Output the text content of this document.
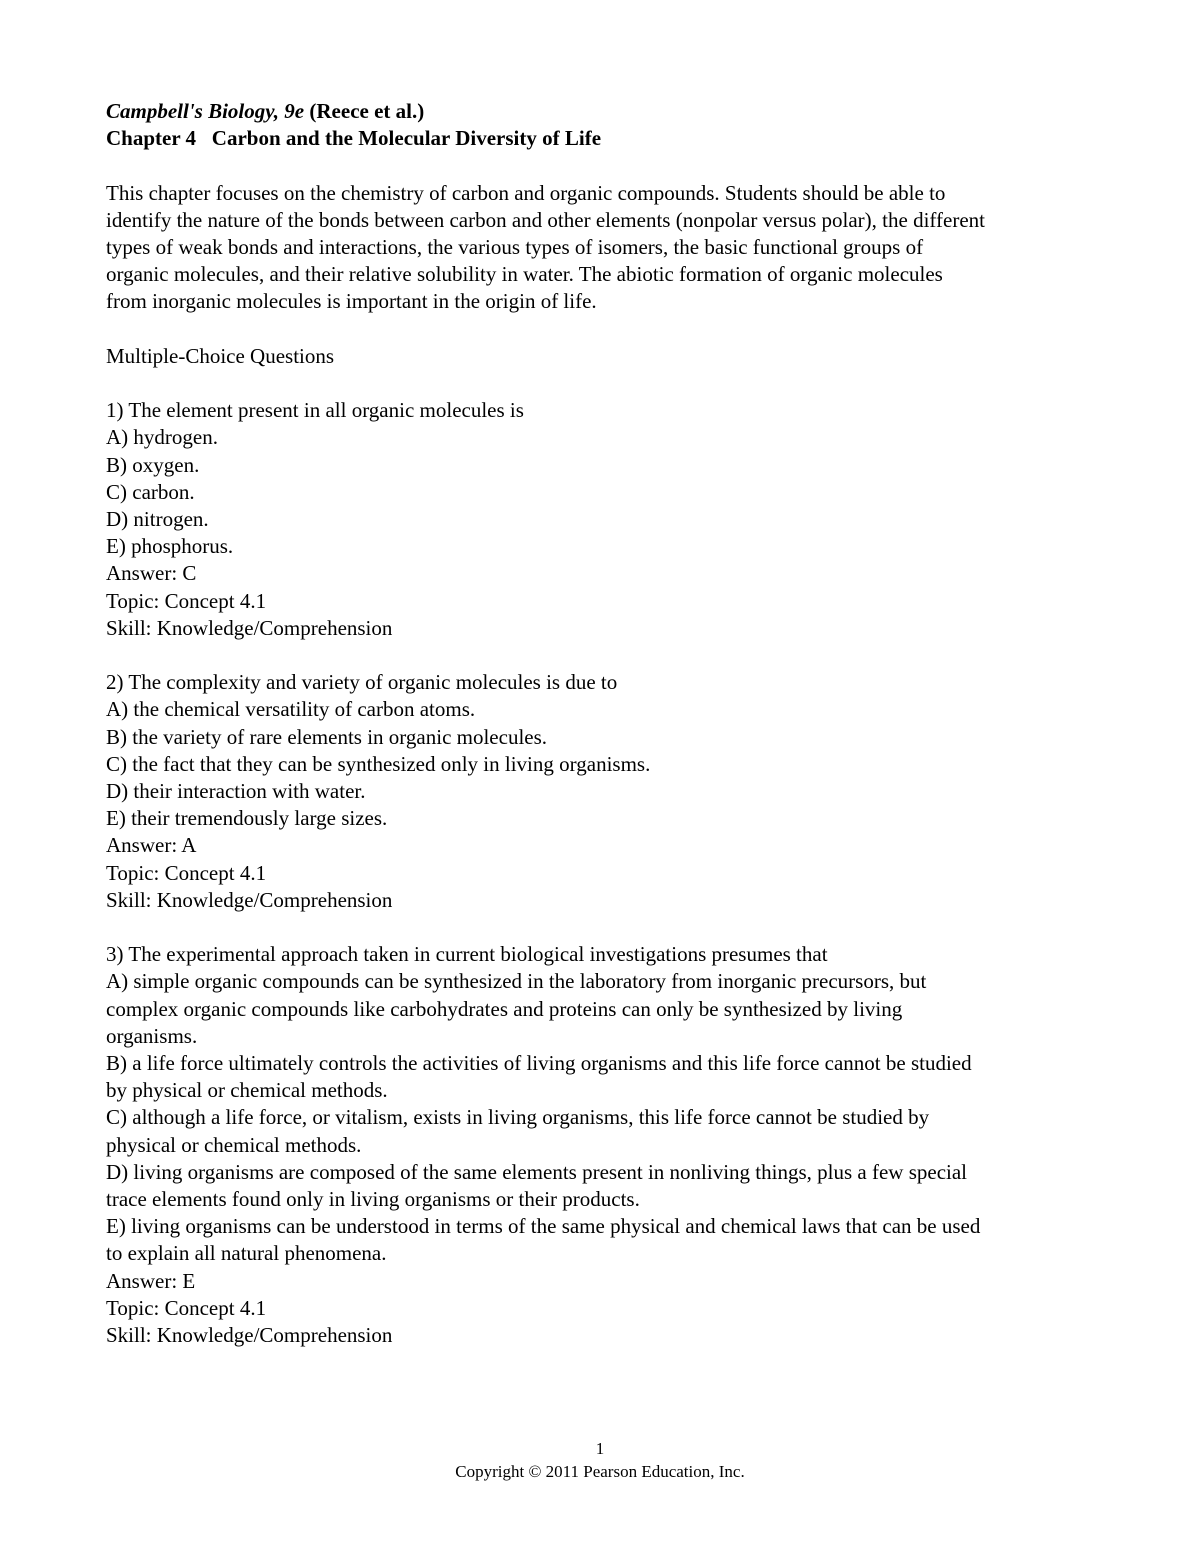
Campbell's Biology, 9e (Reece et al.)
Chapter 4   Carbon and the Molecular Diversity of Life
This chapter focuses on the chemistry of carbon and organic compounds. Students should be able to
identify the nature of the bonds between carbon and other elements (nonpolar versus polar), the different
types of weak bonds and interactions, the various types of isomers, the basic functional groups of
organic molecules, and their relative solubility in water. The abiotic formation of organic molecules
from inorganic molecules is important in the origin of life.
Multiple-Choice Questions
1) The element present in all organic molecules is
A) hydrogen.
B) oxygen.
C) carbon.
D) nitrogen.
E) phosphorus.
Answer: C
Topic: Concept 4.1
Skill: Knowledge/Comprehension
2) The complexity and variety of organic molecules is due to
A) the chemical versatility of carbon atoms.
B) the variety of rare elements in organic molecules.
C) the fact that they can be synthesized only in living organisms.
D) their interaction with water.
E) their tremendously large sizes.
Answer: A
Topic: Concept 4.1
Skill: Knowledge/Comprehension
3) The experimental approach taken in current biological investigations presumes that
A) simple organic compounds can be synthesized in the laboratory from inorganic precursors, but
complex organic compounds like carbohydrates and proteins can only be synthesized by living
organisms.
B) a life force ultimately controls the activities of living organisms and this life force cannot be studied
by physical or chemical methods.
C) although a life force, or vitalism, exists in living organisms, this life force cannot be studied by
physical or chemical methods.
D) living organisms are composed of the same elements present in nonliving things, plus a few special
trace elements found only in living organisms or their products.
E) living organisms can be understood in terms of the same physical and chemical laws that can be used
to explain all natural phenomena.
Answer: E
Topic: Concept 4.1
Skill: Knowledge/Comprehension
1
Copyright © 2011 Pearson Education, Inc.
